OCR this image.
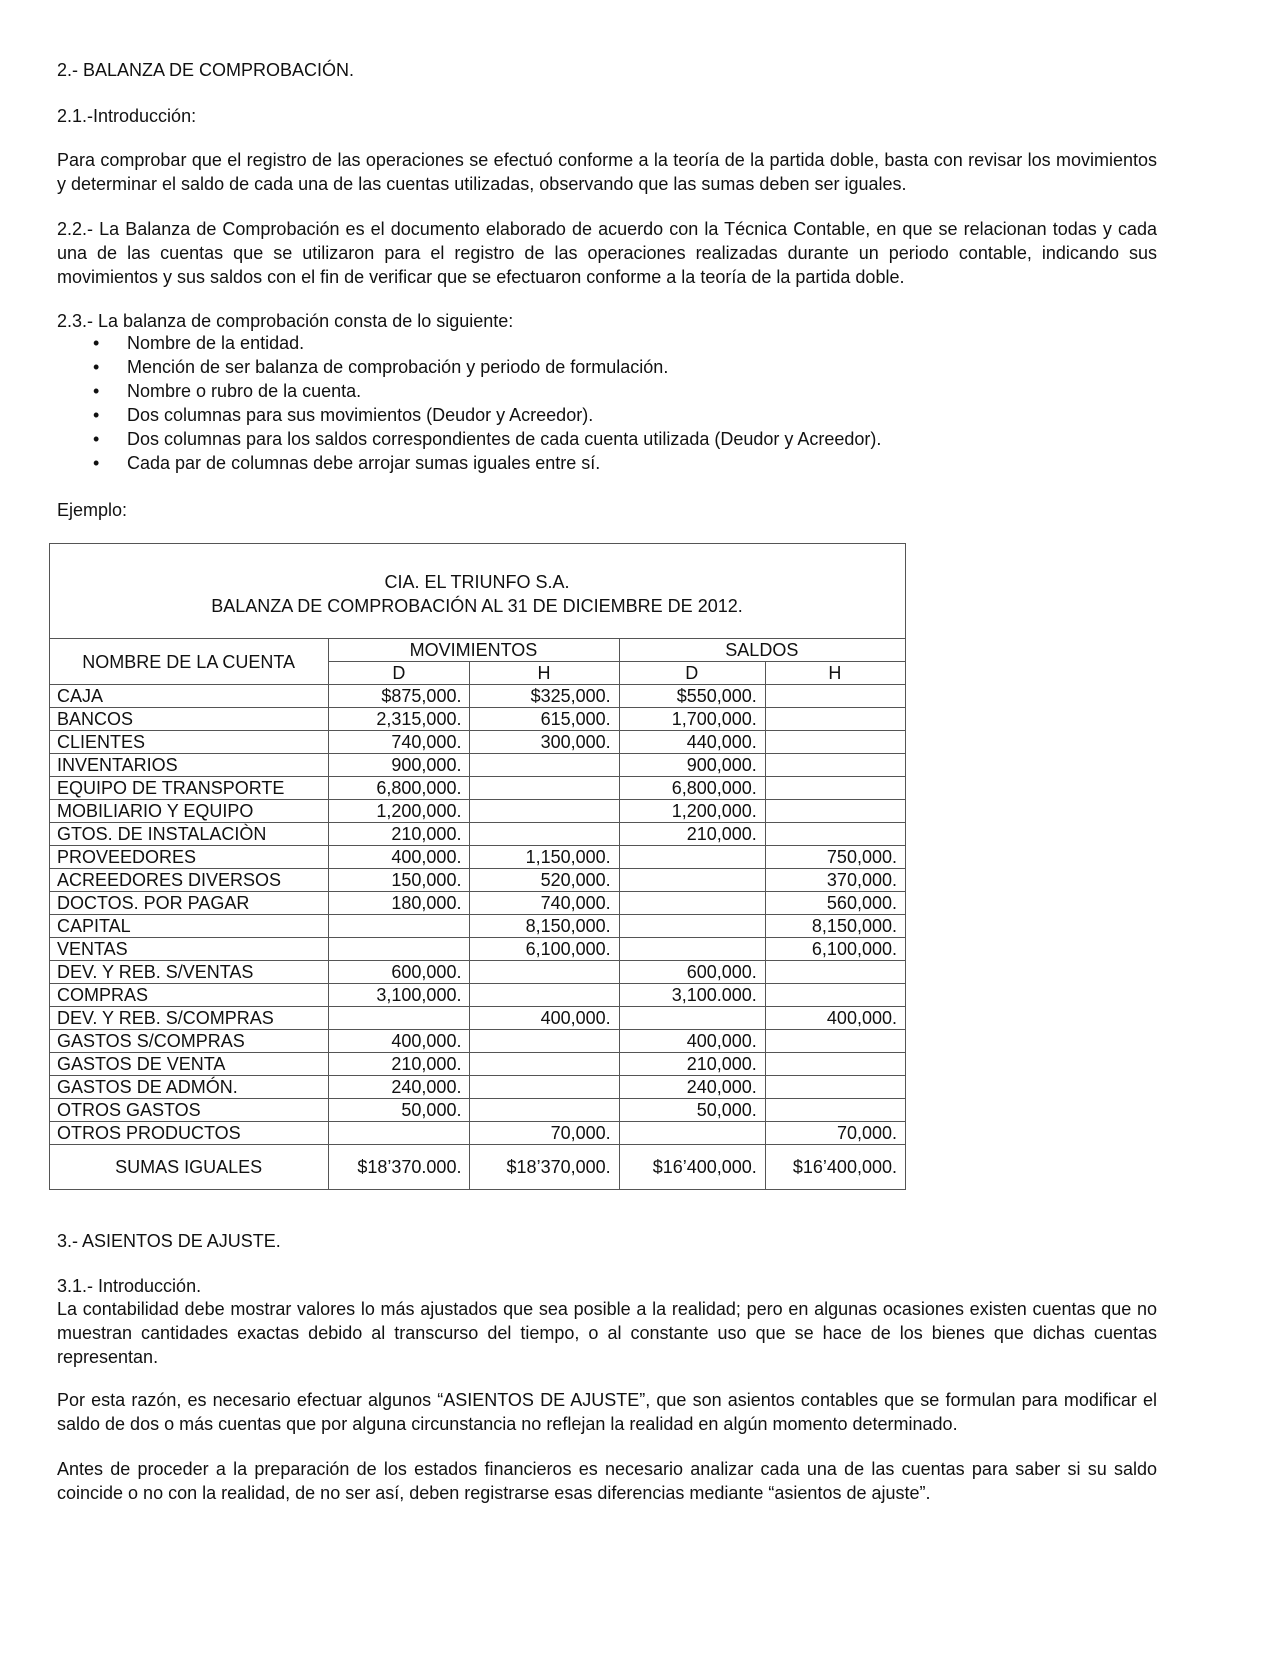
2.- BALANZA DE COMPROBACIÓN.

2.1.-Introducción:

Para comprobar que el registro de las operaciones se efectuó conforme a la teoría de la partida doble, basta con revisar los movimientos y determinar el saldo de cada una de las cuentas utilizadas, observando que las sumas deben ser iguales.

2.2.- La Balanza de Comprobación es el documento elaborado de acuerdo con la Técnica Contable, en que se relacionan todas y cada una de las cuentas que se utilizaron para el registro de las operaciones realizadas durante un periodo contable, indicando sus movimientos y sus saldos con el fin de verificar que se efectuaron conforme a la teoría de la partida doble.

2.3.- La balanza de comprobación consta de lo siguiente:

• Nombre de la entidad.
• Mención de ser balanza de comprobación y periodo de formulación.
• Nombre o rubro de la cuenta.
• Dos columnas para sus movimientos (Deudor y Acreedor).
• Dos columnas para los saldos correspondientes de cada cuenta utilizada (Deudor y Acreedor).
• Cada par de columnas debe arrojar sumas iguales entre sí.

Ejemplo:

CIA. EL TRIUNFO S.A.
BALANZA DE COMPROBACIÓN AL 31 DE DICIEMBRE DE 2012.				

NOMBRE DE LA CUENTA	MOVIMIENTOS		SALDOS	
	D	H	D	H
CAJA	$875,000.	$325,000.	$550,000.	
BANCOS	2,315,000.	615,000.	1,700,000.	
CLIENTES	740,000.	300,000.	440,000.	
INVENTARIOS	900,000.		900,000.	
EQUIPO DE TRANSPORTE	6,800,000.		6,800,000.	
MOBILIARIO Y EQUIPO	1,200,000.		1,200,000.	
GTOS. DE INSTALACIÒN	210,000.		210,000.	
PROVEEDORES	400,000.	1,150,000.		750,000.
ACREEDORES DIVERSOS	150,000.	520,000.		370,000.
DOCTOS. POR PAGAR	180,000.	740,000.		560,000.
CAPITAL		8,150,000.		8,150,000.
VENTAS		6,100,000.		6,100,000.
DEV. Y REB. S/VENTAS	600,000.		600,000.	
COMPRAS	3,100,000.		3,100.000.	
DEV. Y REB. S/COMPRAS		400,000.		400,000.
GASTOS S/COMPRAS	400,000.		400,000.	
GASTOS DE VENTA	210,000.		210,000.	
GASTOS DE ADMÓN.	240,000.		240,000.	
OTROS GASTOS	50,000.		50,000.	
OTROS PRODUCTOS		70,000.		70,000.
SUMAS IGUALES	$18’370.000.	$18’370,000.	$16’400,000.	$16’400,000.

3.- ASIENTOS DE AJUSTE.

3.1.- Introducción.

La contabilidad debe mostrar valores lo más ajustados que sea posible a la realidad; pero en algunas ocasiones existen cuentas que no muestran cantidades exactas debido al transcurso del tiempo, o al constante uso que se hace de los bienes que dichas cuentas representan.

Por esta razón, es necesario efectuar algunos “ASIENTOS DE AJUSTE”, que son asientos contables que se formulan para modificar el saldo de dos o más cuentas que por alguna circunstancia no reflejan la realidad en algún momento determinado.

Antes de proceder a la preparación de los estados financieros es necesario analizar cada una de las cuentas para saber si su saldo coincide o no con la realidad, de no ser así, deben registrarse esas diferencias mediante “asientos de ajuste”.
